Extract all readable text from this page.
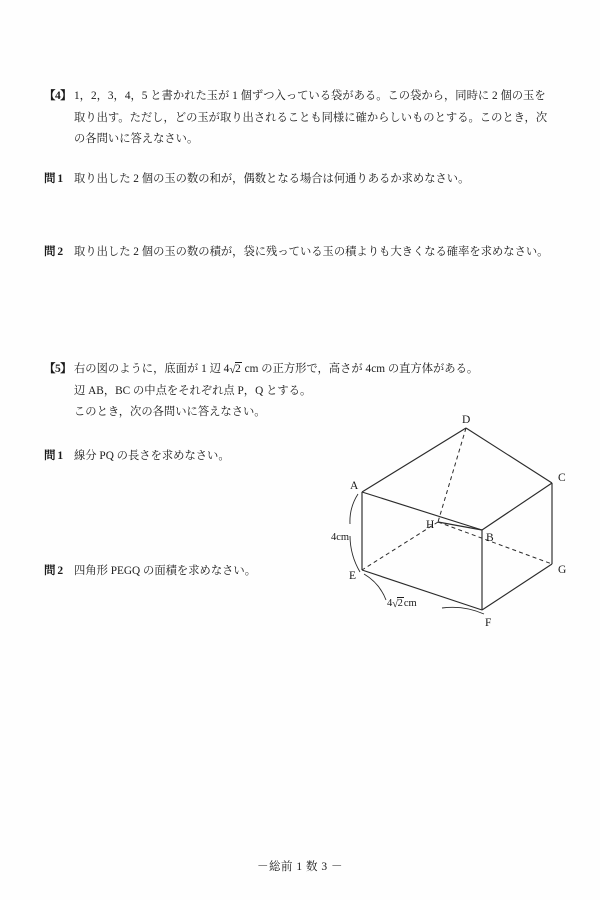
【4】 1，2，3，4，5 と書かれた玉が 1 個ずつ入っている袋がある。この袋から，同時に 2 個の玉を
取り出す。ただし，どの玉が取り出されることも同様に確からしいものとする。このとき，次
の各問いに答えなさい。
問 1	取り出した 2 個の玉の数の和が，偶数となる場合は何通りあるか求めなさい。
問 2	取り出した 2 個の玉の数の積が，袋に残っている玉の積よりも大きくなる確率を求めなさい。
【5】 右の図のように，底面が 1 辺 4√2 cm の正方形で，高さが 4cm の直方体がある。
辺 AB，BC の中点をそれぞれ点 P，Q とする。
このとき，次の各問いに答えなさい。
問 1	線分 PQ の長さを求めなさい。
問 2	四角形 PEGQ の面積を求めなさい。
A
B
C
D
E
F
G
H
4cm
4√2cm
－総前 1 数 3 －
